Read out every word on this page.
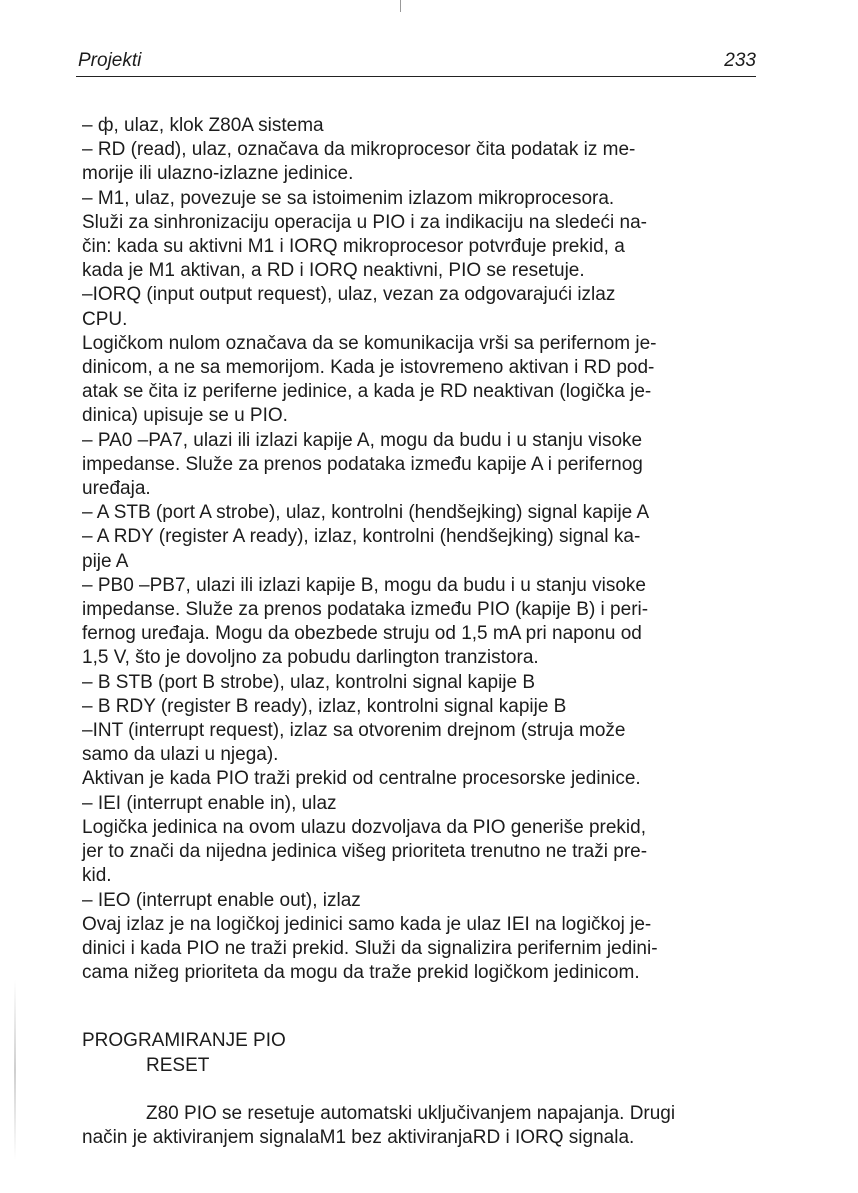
Projekti	233
– ф, ulaz, klok Z80A sistema
– RD (read), ulaz, označava da mikroprocesor čita podatak iz me-
moriјe ili ulazno-izlazne jedinice.
– M1, ulaz, povezuje se sa istoimenim izlazom mikroprocesora.
Služi za sinhronizaciju operacija u PIO i za indikaciju na sledeći na-
čin: kada su aktivni M1 i IORQ mikroprocesor potvrđuje prekid, a
kada je M1 aktivan, a RD i IORQ neaktivni, PIO se resetuje.
–IORQ (input output request), ulaz, vezan za odgovarajući izlaz
CPU.
Logičkom nulom označava da se komunikacija vrši sa perifernom je-
dinicom, a ne sa memorijom. Kada je istovremeno aktivan i RD pod-
atak se čita iz periferne jedinice, a kada je RD neaktivan (logička je-
dinica) upisuje se u PIO.
– PA0 –PA7, ulazi ili izlazi kapije A, mogu da budu i u stanju visoke
impedanse. Služe za prenos podataka između kapije A i perifernog
uređaja.
– A STB (port A strobe), ulaz, kontrolni (hendšejking) signal kapije A
– A RDY (register A ready), izlaz, kontrolni (hendšejking) signal ka-
pije A
– PB0 –PB7, ulazi ili izlazi kapije B, mogu da budu i u stanju visoke
impedanse. Služe za prenos podataka između PIO (kapije B) i peri-
fernog uređaja. Mogu da obezbede struju od 1,5 mA pri naponu od
1,5 V, što je dovoljno za pobudu darlington tranzistora.
– B STB (port B strobe), ulaz, kontrolni signal kapije B
– B RDY (register B ready), izlaz, kontrolni signal kapije B
–INT (interrupt request), izlaz sa otvorenim drejnom (struja može
samo da ulazi u njega).
Aktivan je kada PIO traži prekid od centralne procesorske jedinice.
– IEI (interrupt enable in), ulaz
Logička jedinica na ovom ulazu dozvoljava da PIO generiše prekid,
jer to znači da nijedna jedinica višeg prioriteta trenutno ne traži pre-
kid.
– IEO (interrupt enable out), izlaz
Ovaj izlaz je na logičkoj jedinici samo kada je ulaz IEI na logičkoj je-
dinici i kada PIO ne traži prekid. Služi da signalizira perifernim jedini-
cama nižeg prioriteta da mogu da traže prekid logičkom jedinicom.
PROGRAMIRANJE PIO
RESET
Z80 PIO se resetuje automatski uključivanjem napajanja. Drugi
način je aktiviranjem signalaM1 bez aktiviranjaRD i IORQ signala.
